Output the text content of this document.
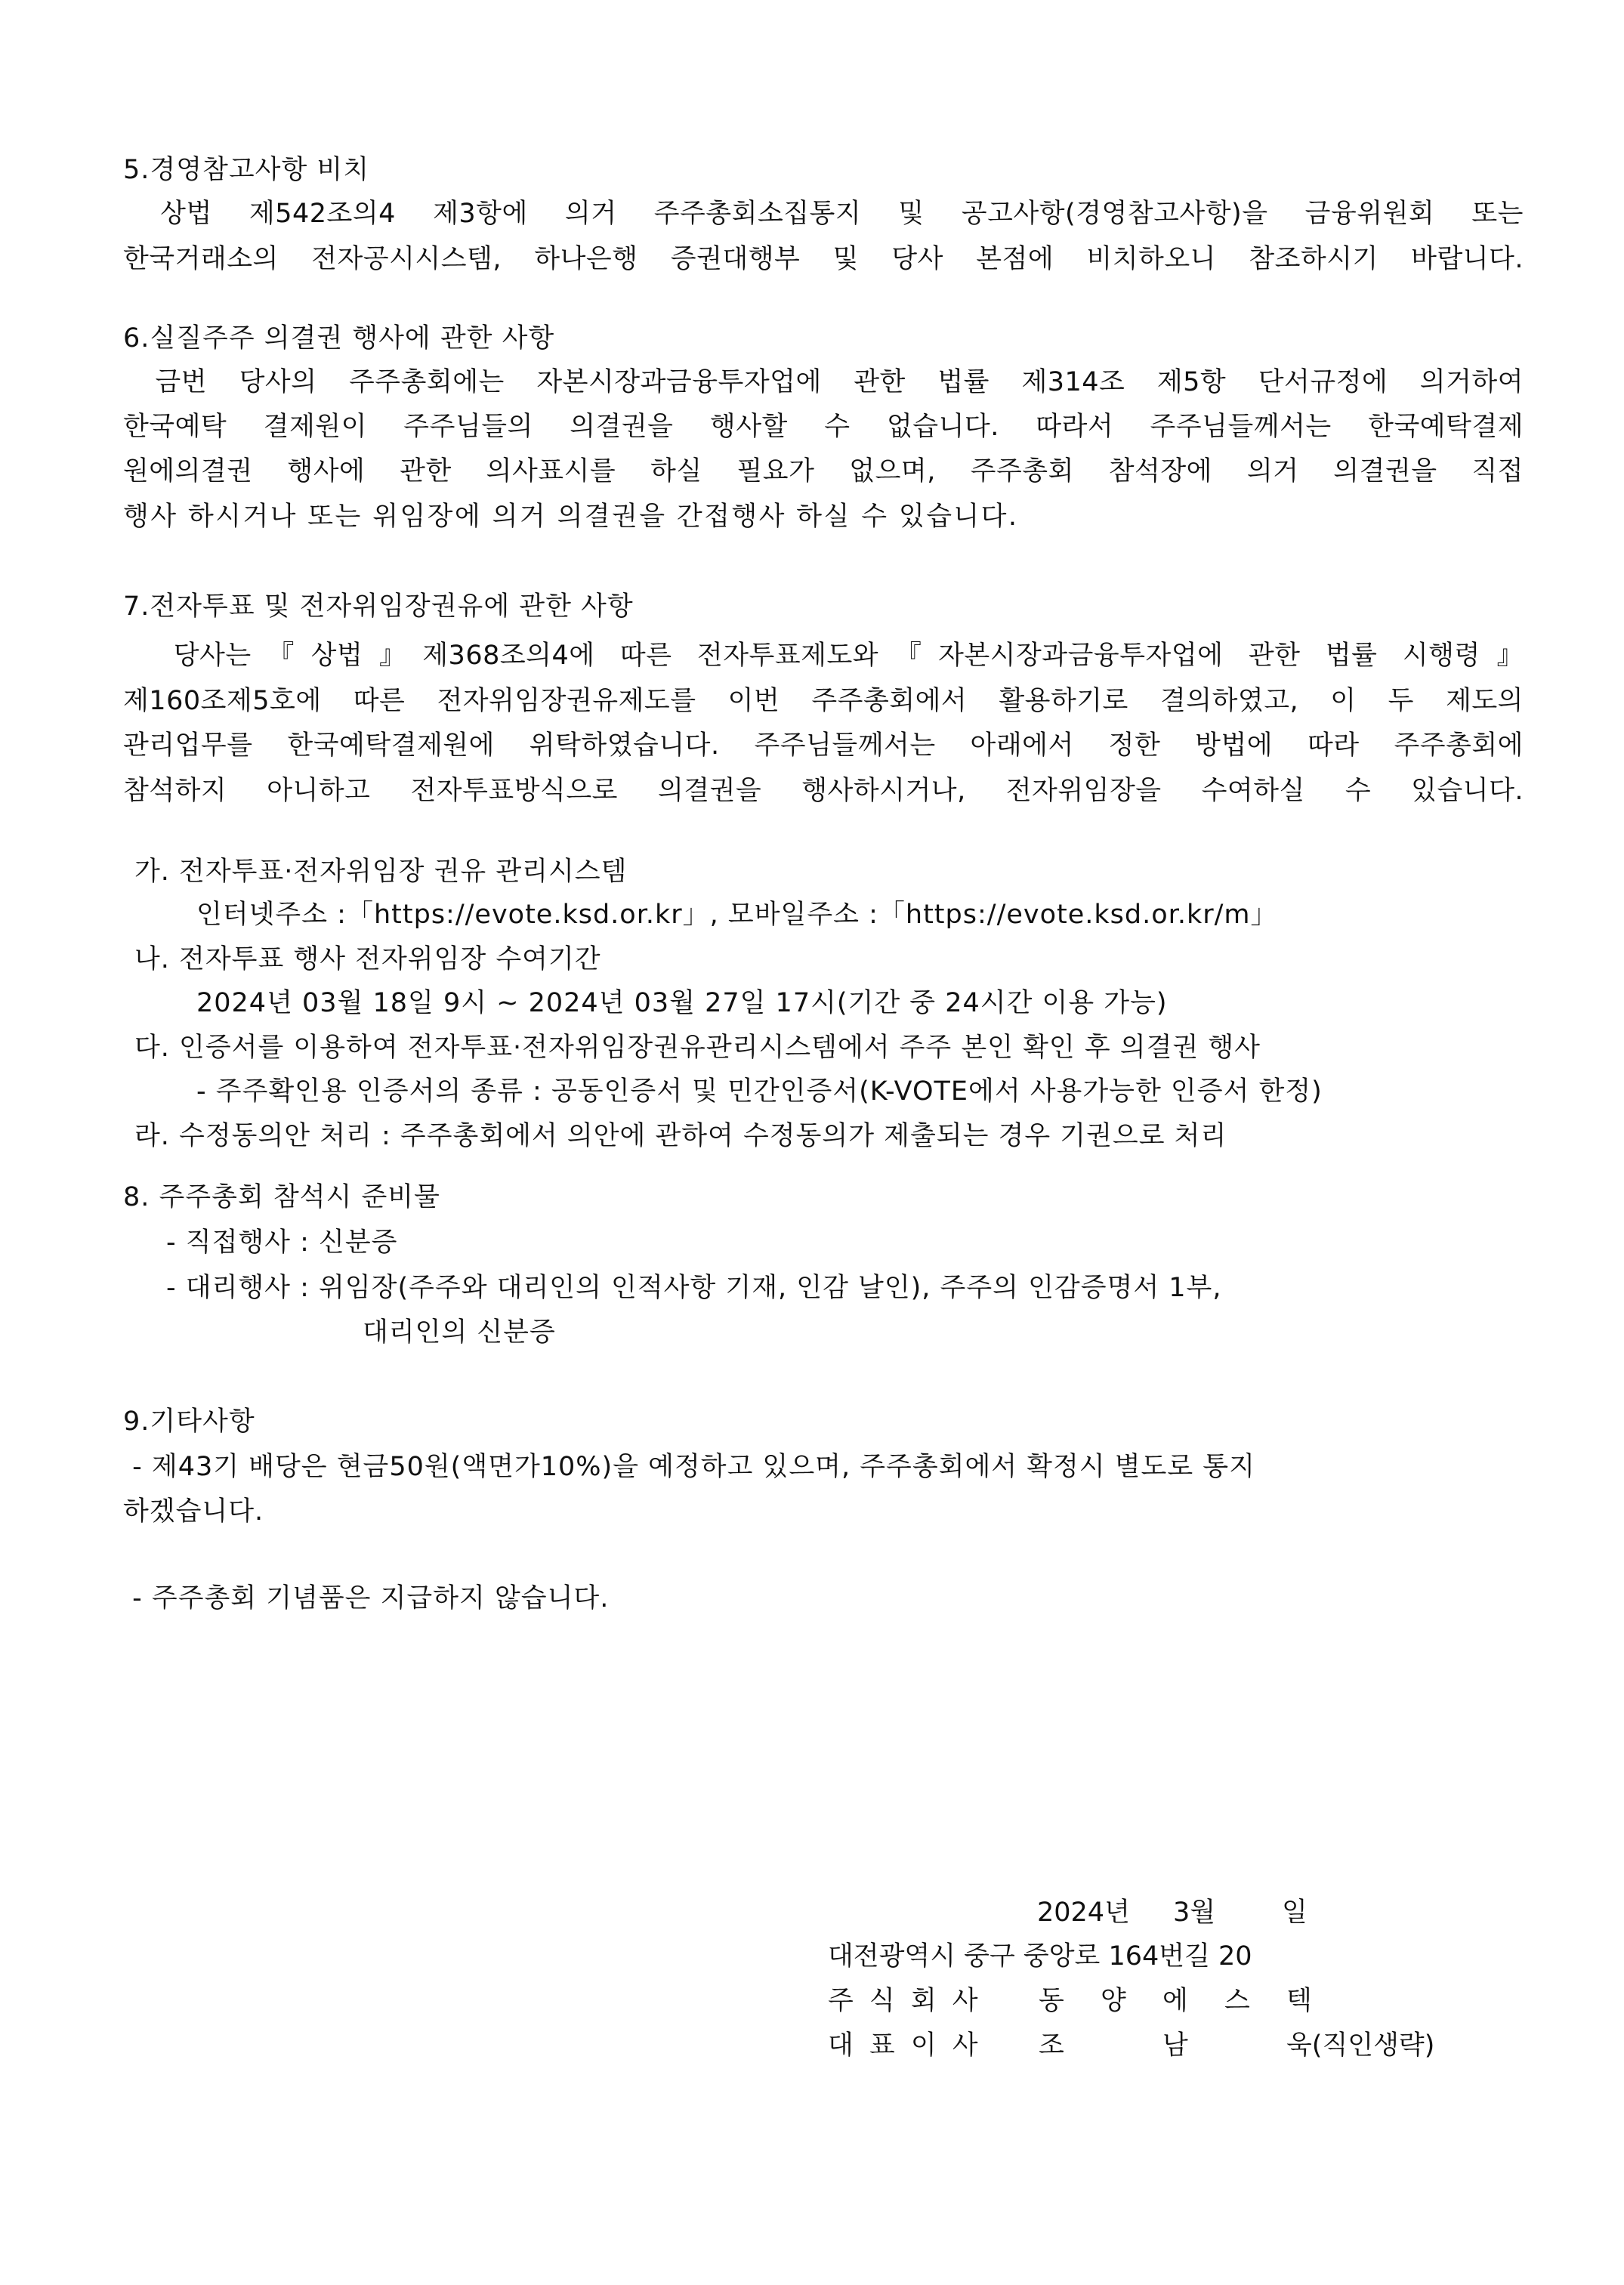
5.경영참고사항 비치

상법 제542조의4 제3항에 의거 주주총회소집통지 및 공고사항(경영참고사항)을 금융위원회 또는

한국거래소의 전자공시시스템, 하나은행 증권대행부 및 당사 본점에 비치하오니 참조하시기 바랍니다.

6.실질주주 의결권 행사에 관한 사항

금번 당사의 주주총회에는 자본시장과금융투자업에 관한 법률 제314조 제5항 단서규정에 의거하여

한국예탁 결제원이 주주님들의 의결권을 행사할 수 없습니다. 따라서 주주님들께서는 한국예탁결제

원에의결권 행사에 관한 의사표시를 하실 필요가 없으며, 주주총회 참석장에 의거 의결권을 직접

행사 하시거나 또는 위임장에 의거 의결권을 간접행사 하실 수 있습니다.

7.전자투표 및 전자위임장권유에 관한 사항

당사는『상법』제368조의4에 따른 전자투표제도와『자본시장과금융투자업에 관한 법률 시행령』

제160조제5호에 따른 전자위임장권유제도를 이번 주주총회에서 활용하기로 결의하였고, 이 두 제도의

관리업무를 한국예탁결제원에 위탁하였습니다. 주주님들께서는 아래에서 정한 방법에 따라 주주총회에

참석하지 아니하고 전자투표방식으로 의결권을 행사하시거나, 전자위임장을 수여하실 수 있습니다.

가. 전자투표·전자위임장 권유 관리시스템

인터넷주소 :「https://evote.ksd.or.kr」, 모바일주소 :「https://evote.ksd.or.kr/m」

나. 전자투표 행사 전자위임장 수여기간

2024년 03월 18일 9시 ~ 2024년 03월 27일 17시(기간 중 24시간 이용 가능)

다. 인증서를 이용하여 전자투표·전자위임장권유관리시스템에서 주주 본인 확인 후 의결권 행사

- 주주확인용 인증서의 종류 : 공동인증서 및 민간인증서(K-VOTE에서 사용가능한 인증서 한정)

라. 수정동의안 처리 : 주주총회에서 의안에 관하여 수정동의가 제출되는 경우 기권으로 처리

8. 주주총회 참석시 준비물

- 직접행사 : 신분증

- 대리행사 : 위임장(주주와 대리인의 인적사항 기재, 인감 날인), 주주의 인감증명서 1부,

대리인의 신분증

9.기타사항

- 제43기 배당은 현금50원(액면가10%)을 예정하고 있으며, 주주총회에서 확정시 별도로 통지

하겠습니다.

- 주주총회 기념품은 지급하지 않습니다.

2024년 3월	일
대전광역시 중구 중앙로 164번길 20
주 식 회 사 동 양 에 스 텍
대 표 이 사 조	남	욱(직인생략)
